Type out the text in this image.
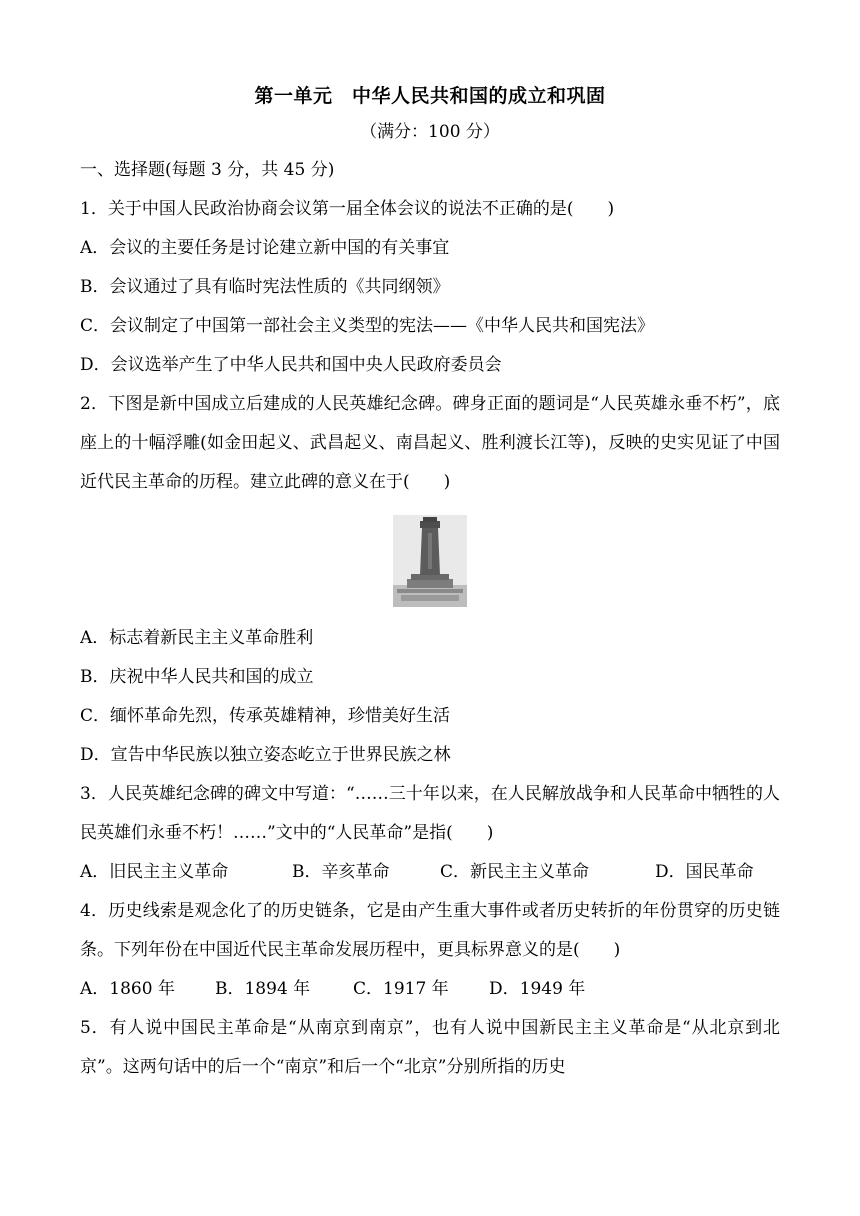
第一单元　中华人民共和国的成立和巩固
（满分：100 分）
一、选择题(每题 3 分，共 45 分)
1．关于中国人民政治协商会议第一届全体会议的说法不正确的是(　　)
A．会议的主要任务是讨论建立新中国的有关事宜
B．会议通过了具有临时宪法性质的《共同纲领》
C．会议制定了中国第一部社会主义类型的宪法——《中华人民共和国宪法》
D．会议选举产生了中华人民共和国中央人民政府委员会
2．下图是新中国成立后建成的人民英雄纪念碑。碑身正面的题词是“人民英雄永垂不朽”，底座上的十幅浮雕(如金田起义、武昌起义、南昌起义、胜利渡长江等)，反映的史实见证了中国近代民主革命的历程。建立此碑的意义在于(　　)
A．标志着新民主主义革命胜利
B．庆祝中华人民共和国的成立
C．缅怀革命先烈，传承英雄精神，珍惜美好生活
D．宣告中华民族以独立姿态屹立于世界民族之林
3．人民英雄纪念碑的碑文中写道：“……三十年以来，在人民解放战争和人民革命中牺牲的人民英雄们永垂不朽！……”文中的“人民革命”是指(　　)
A．旧民主主义革命	B．辛亥革命	C．新民主主义革命	D．国民革命
4．历史线索是观念化了的历史链条，它是由产生重大事件或者历史转折的年份贯穿的历史链条。下列年份在中国近代民主革命发展历程中，更具标界意义的是(　　)
A．1860 年	B．1894 年	C．1917 年	D．1949 年
5．有人说中国民主革命是“从南京到南京”，也有人说中国新民主主义革命是“从北京到北京”。这两句话中的后一个“南京”和后一个“北京”分别所指的历史
